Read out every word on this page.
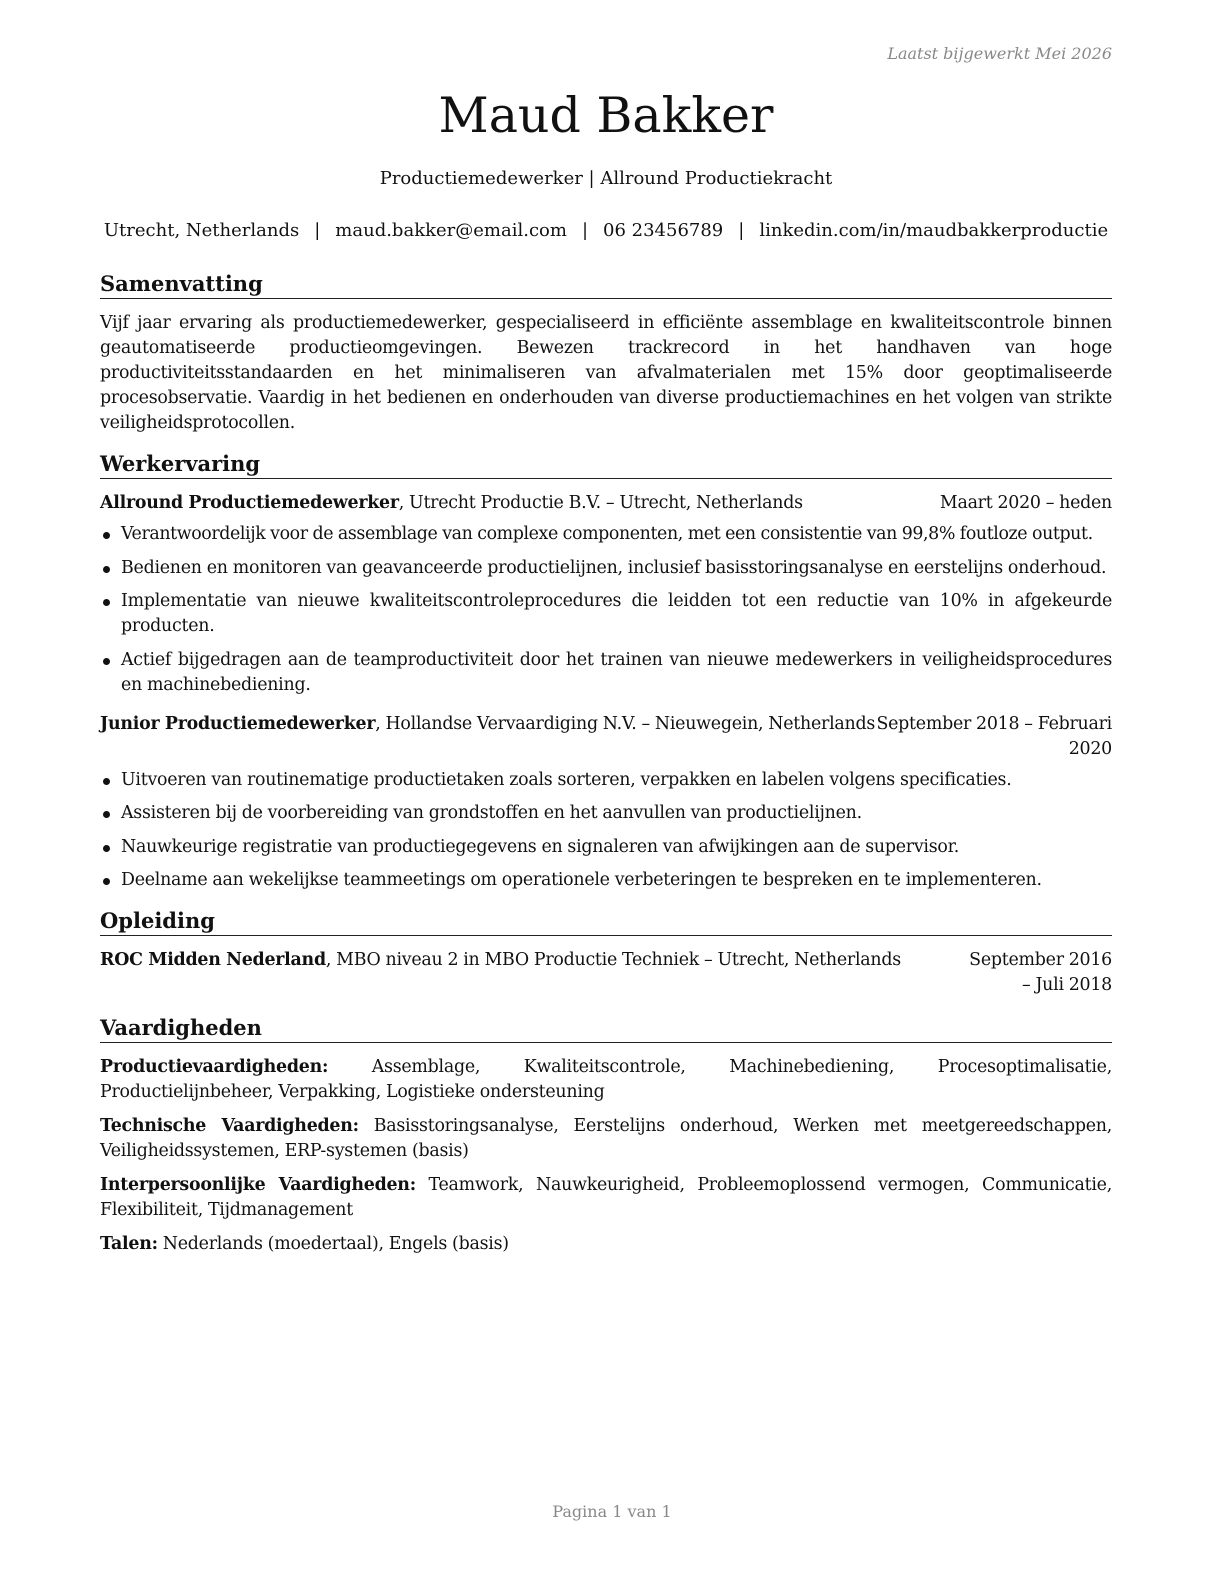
Laatst bijgewerkt Mei 2026
Maud Bakker
Productiemedewerker | Allround Productiekracht
Utrecht, Netherlands | maud.bakker@email.com | 06 23456789 | linkedin.com/in/maudbakkerproductie
Samenvatting

Vijf jaar ervaring als productiemedewerker, gespecialiseerd in efficiënte assemblage en kwaliteitscontrole binnen geautomatiseerde productieomgevingen. Bewezen trackrecord in het handhaven van hoge productiviteitsstandaarden en het minimaliseren van afvalmaterialen met 15% door geoptimaliseerde procesobservatie. Vaardig in het bedienen en onderhouden van diverse productiemachines en het volgen van strikte veiligheidsprotocollen.

Werkervaring
Allround Productiemedewerker, Utrecht Productie B.V. – Utrecht, Netherlands	Maart 2020 – heden
Verantwoordelijk voor de assemblage van complexe componenten, met een consistentie van 99,8% foutloze output.
Bedienen en monitoren van geavanceerde productielijnen, inclusief basisstoringsanalyse en eerstelijns onderhoud.
Implementatie van nieuwe kwaliteitscontroleprocedures die leidden tot een reductie van 10% in afgekeurde producten.
Actief bijgedragen aan de teamproductiviteit door het trainen van nieuwe medewerkers in veiligheidsprocedures en machinebediening.
Junior Productiemedewerker, Hollandse Vervaardiging N.V. – Nieuwegein, Netherlands September 2018 – Februari 2020
Uitvoeren van routinematige productietaken zoals sorteren, verpakken en labelen volgens specificaties.
Assisteren bij de voorbereiding van grondstoffen en het aanvullen van productielijnen.
Nauwkeurige registratie van productiegegevens en signaleren van afwijkingen aan de supervisor.
Deelname aan wekelijkse teammeetings om operationele verbeteringen te bespreken en te implementeren.
Opleiding
ROC Midden Nederland, MBO niveau 2 in MBO Productie Techniek – Utrecht, Netherlands	September 2016 – Juli 2018
Vaardigheden

Productievaardigheden: Assemblage, Kwaliteitscontrole, Machinebediening, Procesoptimalisatie, Productielijnbeheer, Verpakking, Logistieke ondersteuning

Technische Vaardigheden: Basisstoringsanalyse, Eerstelijns onderhoud, Werken met meetgereedschappen, Veiligheidssystemen, ERP-systemen (basis)

Interpersoonlijke Vaardigheden: Teamwork, Nauwkeurigheid, Probleemoplossend vermogen, Communicatie, Flexibiliteit, Tijdmanagement

Talen: Nederlands (moedertaal), Engels (basis)

Pagina 1 van 1
